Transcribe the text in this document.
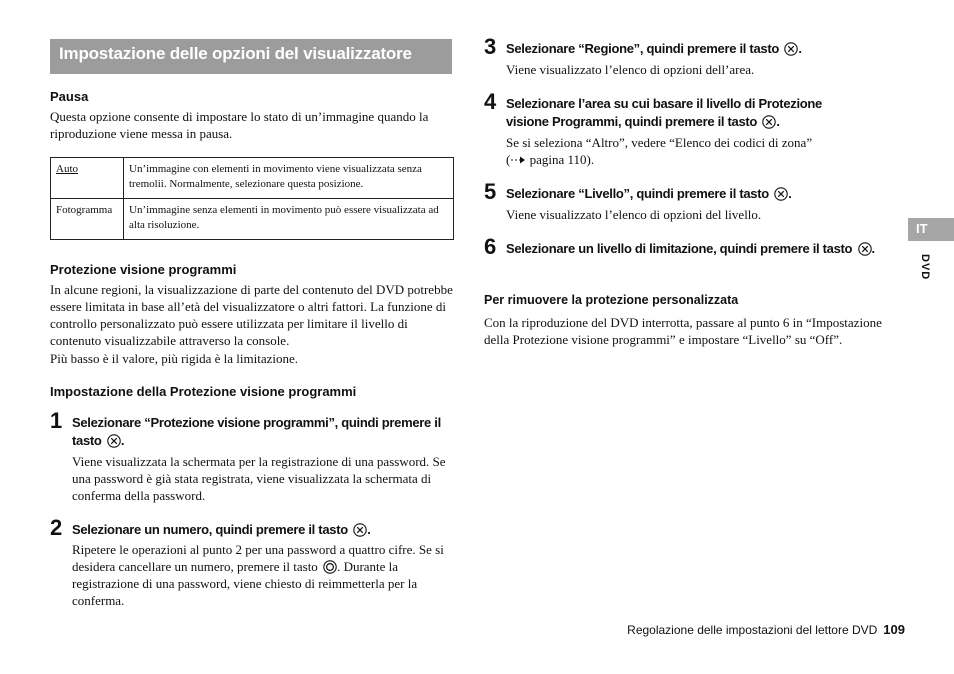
Impostazione delle opzioni del visualizzatore
Pausa
Questa opzione consente di impostare lo stato di un’immagine quando la riproduzione viene messa in pausa.
Auto	Un’immagine con elementi in movimento viene visualizzata senza tremolii. Normalmente, selezionare questa posizione.
Fotogramma	Un’immagine senza elementi in movimento può essere visualizzata ad alta risoluzione.
Protezione visione programmi
In alcune regioni, la visualizzazione di parte del contenuto del DVD potrebbe essere limitata in base all’età del visualizzatore o altri fattori. La funzione di controllo personalizzato può essere utilizzata per limitare il livello di contenuto visualizzabile attraverso la console.
Più basso è il valore, più rigida è la limitazione.
Impostazione della Protezione visione programmi
1 Selezionare “Protezione visione programmi”, quindi premere il tasto .
Viene visualizzata la schermata per la registrazione di una password. Se una password è già stata registrata, viene visualizzata la schermata di conferma della password.
2 Selezionare un numero, quindi premere il tasto .
Ripetere le operazioni al punto 2 per una password a quattro cifre. Se si desidera cancellare un numero, premere il tasto . Durante la registrazione di una password, viene chiesto di reimmetterla per la conferma.
3 Selezionare “Regione”, quindi premere il tasto .
Viene visualizzato l’elenco di opzioni dell’area.
4 Selezionare l’area su cui basare il livello di Protezione visione Programmi, quindi premere il tasto .
Se si seleziona “Altro”, vedere “Elenco dei codici di zona”
( pagina 110).
5 Selezionare “Livello”, quindi premere il tasto .
Viene visualizzato l’elenco di opzioni del livello.
6 Selezionare un livello di limitazione, quindi premere il tasto .
Per rimuovere la protezione personalizzata
Con la riproduzione del DVD interrotta, passare al punto 6 in “Impostazione della Protezione visione programmi” e impostare “Livello” su “Off”.
IT
DVD
Regolazione delle impostazioni del lettore DVD 109
